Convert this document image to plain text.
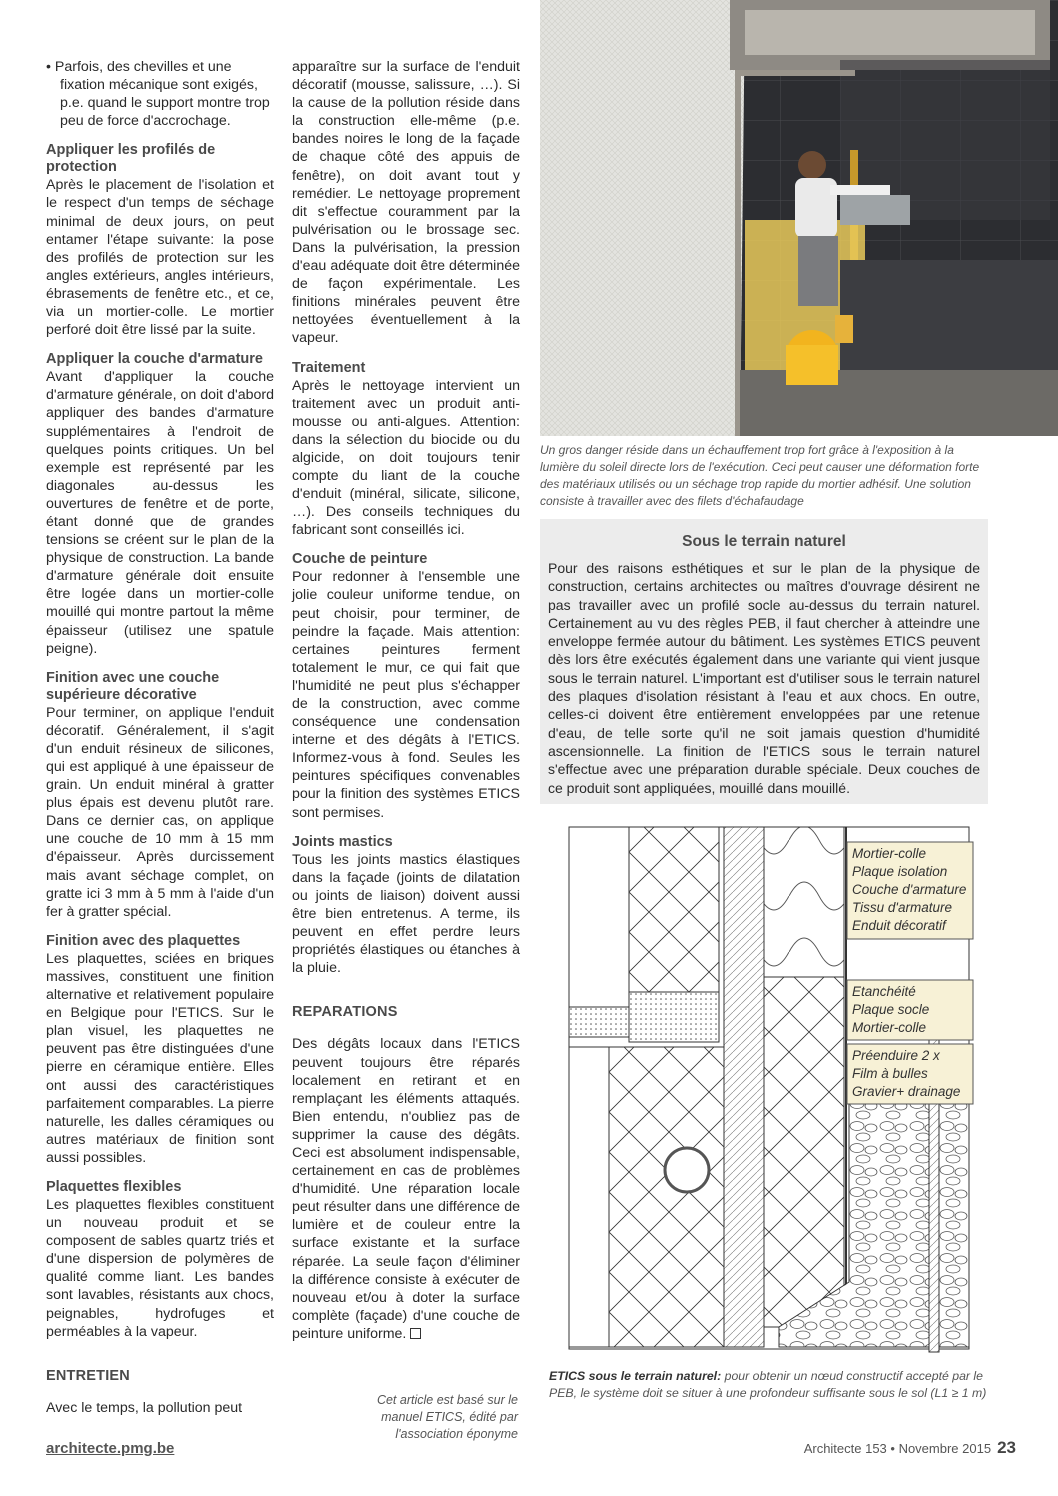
• Parfois, des chevilles et une fixation mécanique sont exigés, p.e. quand le support montre trop peu de force d'accrochage.

Appliquer les profilés de protection

Après le placement de l'isolation et le respect d'un temps de séchage minimal de deux jours, on peut entamer l'étape suivante: la pose des profilés de protection sur les angles extérieurs, angles intérieurs, ébrasements de fenêtre etc., et ce, via un mortier-colle. Le mortier perforé doit être lissé par la suite.

Appliquer la couche d'armature

Avant d'appliquer la couche d'armature générale, on doit d'abord appliquer des bandes d'armature supplémentaires à l'endroit de quelques points critiques. Un bel exemple est représenté par les diagonales au-dessus les ouvertures de fenêtre et de porte, étant donné que de grandes tensions se créent sur le plan de la physique de construction. La bande d'armature générale doit ensuite être logée dans un mortier-colle mouillé qui montre partout la même épaisseur (utilisez une spatule peigne).

Finition avec une couche supérieure décorative

Pour terminer, on applique l'enduit décoratif. Généralement, il s'agit d'un enduit résineux de silicones, qui est appliqué à une épaisseur de grain. Un enduit minéral à gratter plus épais est devenu plutôt rare. Dans ce dernier cas, on applique une couche de 10 mm à 15 mm d'épaisseur. Après durcissement mais avant séchage complet, on gratte ici 3 mm à 5 mm à l'aide d'un fer à gratter spécial.

Finition avec des plaquettes

Les plaquettes, sciées en briques massives, constituent une finition alternative et relativement populaire en Belgique pour l'ETICS. Sur le plan visuel, les plaquettes ne peuvent pas être distinguées d'une pierre en céramique entière. Elles ont aussi des caractéristiques parfaitement comparables. La pierre naturelle, les dalles céramiques ou autres matériaux de finition sont aussi possibles.

Plaquettes flexibles

Les plaquettes flexibles constituent un nouveau produit et se composent de sables quartz triés et d'une dispersion de polymères de qualité comme liant. Les bandes sont lavables, résistants aux chocs, peignables, hydrofuges et perméables à la vapeur.

ENTRETIEN

Avec le temps, la pollution peut

apparaître sur la surface de l'enduit décoratif (mousse, salissure, …). Si la cause de la pollution réside dans la construction elle-même (p.e. bandes noires le long de la façade de chaque côté des appuis de fenêtre), on doit avant tout y remédier. Le nettoyage proprement dit s'effectue couramment par la pulvérisation ou le brossage sec. Dans la pulvérisation, la pression d'eau adéquate doit être déterminée de façon expérimentale. Les finitions minérales peuvent être nettoyées éventuellement à la vapeur.

Traitement

Après le nettoyage intervient un traitement avec un produit anti-mousse ou anti-algues. Attention: dans la sélection du biocide ou du algicide, on doit toujours tenir compte du liant de la couche d'enduit (minéral, silicate, silicone, …). Des conseils techniques du fabricant sont conseillés ici.

Couche de peinture

Pour redonner à l'ensemble une jolie couleur uniforme tendue, on peut choisir, pour terminer, de peindre la façade. Mais attention: certaines peintures ferment totalement le mur, ce qui fait que l'humidité ne peut plus s'échapper de la construction, avec comme conséquence une condensation interne et des dégâts à l'ETICS. Informez-vous à fond. Seules les peintures spécifiques convenables pour la finition des systèmes ETICS sont permises.

Joints mastics

Tous les joints mastics élastiques dans la façade (joints de dilatation ou joints de liaison) doivent aussi être bien entretenus. A terme, ils peuvent en effet perdre leurs propriétés élastiques ou étanches à la pluie.

REPARATIONS

Des dégâts locaux dans l'ETICS peuvent toujours être réparés localement en retirant et en remplaçant les éléments attaqués. Bien entendu, n'oubliez pas de supprimer la cause des dégâts. Ceci est absolument indispensable, certainement en cas de problèmes d'humidité. Une réparation locale peut résulter dans une différence de lumière et de couleur entre la surface existante et la surface réparée. La seule façon d'éliminer la différence consiste à exécuter de nouveau et/ou à doter la surface complète (façade) d'une couche de peinture uniforme.

Un gros danger réside dans un échauffement trop fort grâce à l'exposition à la lumière du soleil directe lors de l'exécution. Ceci peut causer une déformation forte des matériaux utilisés ou un séchage trop rapide du mortier adhésif. Une solution consiste à travailler avec des filets d'échafaudage
Sous le terrain naturel

Pour des raisons esthétiques et sur le plan de la physique de construction, certains architectes ou maîtres d'ouvrage désirent ne pas travailler avec un profilé socle au-dessus du terrain naturel. Certainement au vu des règles PEB, il faut chercher à atteindre une enveloppe fermée autour du bâtiment. Les systèmes ETICS peuvent dès lors être exécutés également dans une variante qui vient jusque sous le terrain naturel. L'important est d'utiliser sous le terrain naturel des plaques d'isolation résistant à l'eau et aux chocs. En outre, celles-ci doivent être entièrement enveloppées par une retenue d'eau, de telle sorte qu'il ne soit jamais question d'humidité ascensionnelle. La finition de l'ETICS sous le terrain naturel s'effectue avec une préparation durable spéciale. Deux couches de ce produit sont appliquées, mouillé dans mouillé.

Mortier-colle
Plaque isolation
Couche d'armature
Tissu d'armature
Enduit décoratif
Etanchéité
Plaque socle
Mortier-colle
Préenduire 2 x
Film à bulles
Gravier+ drainage
ETICS sous le terrain naturel: pour obtenir un nœud constructif accepté par le PEB, le système doit se situer à une profondeur suffisante sous le sol (L1 ≥ 1 m)
Cet article est basé sur le manuel ETICS, édité par l'association éponyme
architecte.pmg.be	Architecte 153 • Novembre 2015 23
